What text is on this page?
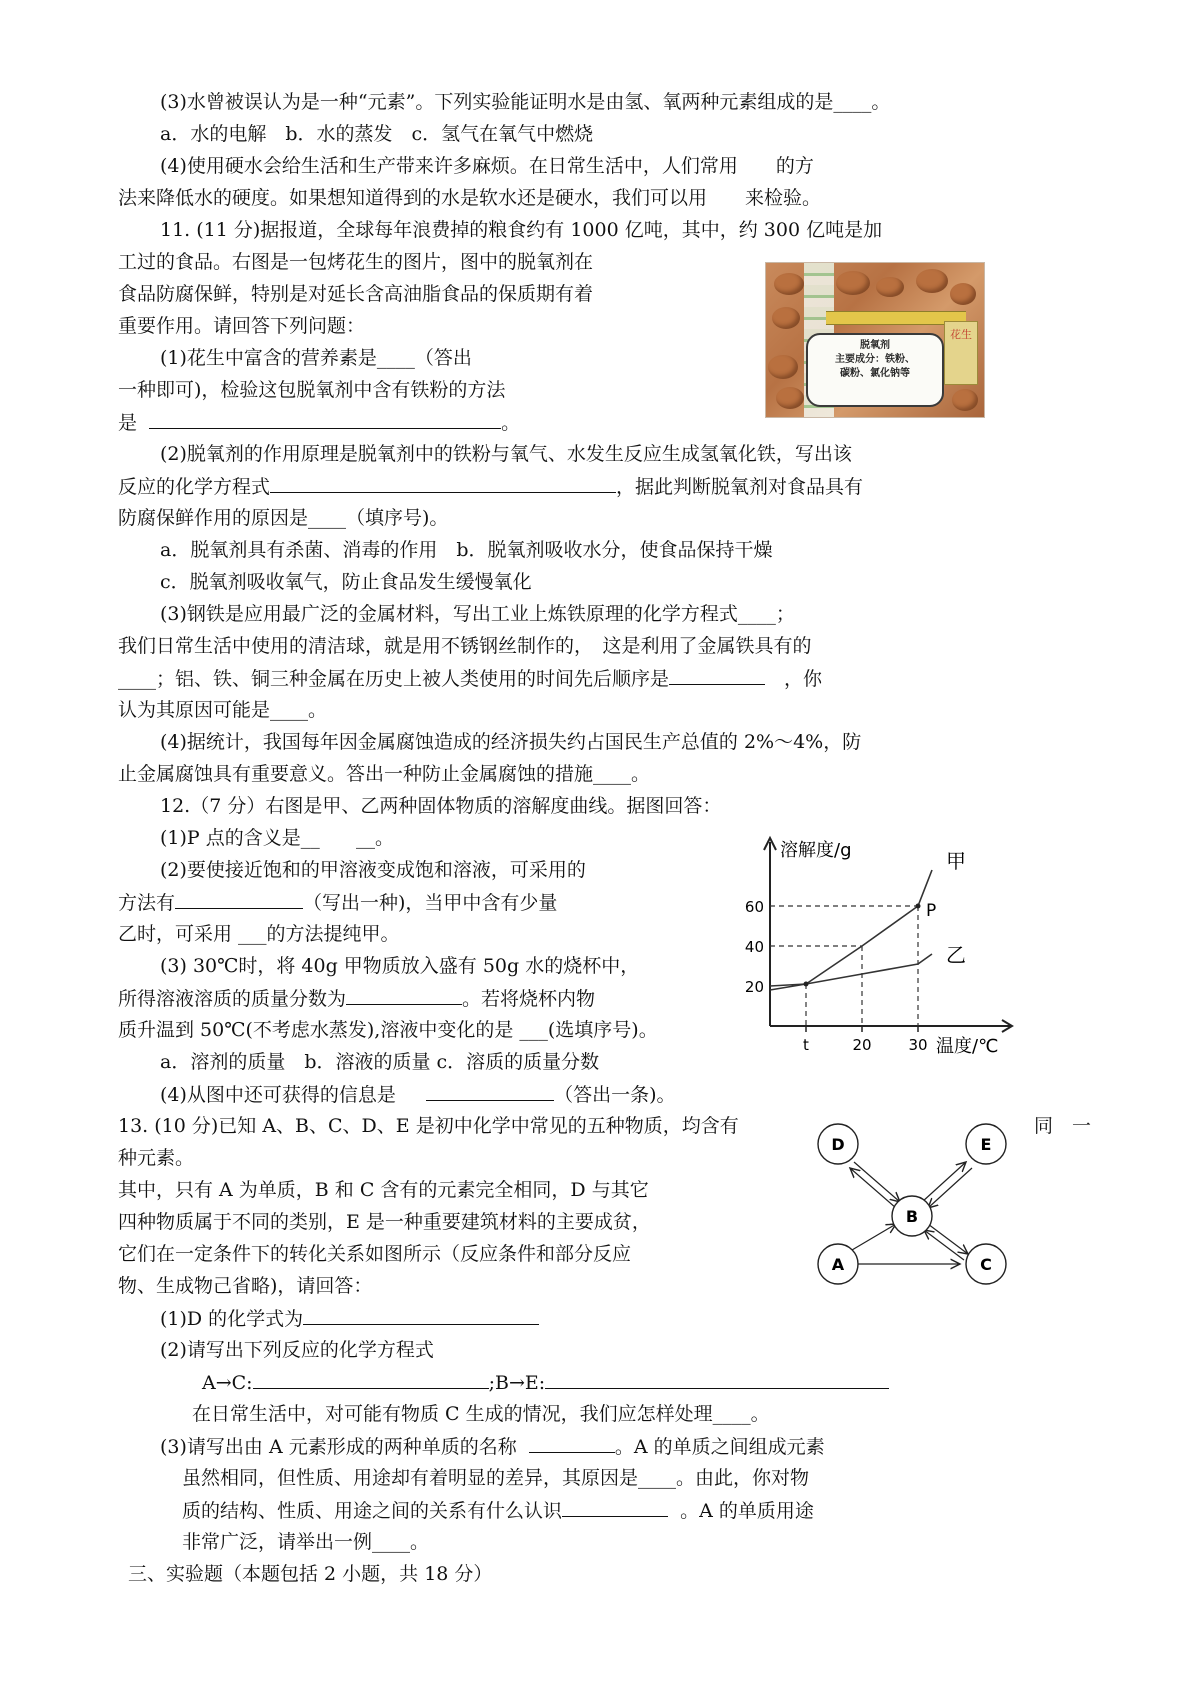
(3)水曾被误认为是一种“元素”。下列实验能证明水是由氢、氧两种元素组成的是____。
a．水的电解　b．水的蒸发　c．氢气在氧气中燃烧
(4)使用硬水会给生活和生产带来许多麻烦。在日常生活中，人们常用　　的方
法来降低水的硬度。如果想知道得到的水是软水还是硬水，我们可以用　　来检验。
11. (11 分)据报道，全球每年浪费掉的粮食约有 1000 亿吨，其中，约 300 亿吨是加
工过的食品。右图是一包烤花生的图片，图中的脱氧剂在
食品防腐保鲜，特别是对延长含高油脂食品的保质期有着
重要作用。请回答下列问题：
(1)花生中富含的营养素是____（答出
一种即可)，检验这包脱氧剂中含有铁粉的方法
是	。
花生
脱氧剂
主要成分：铁粉、
碳粉、氯化钠等
(2)脱氧剂的作用原理是脱氧剂中的铁粉与氧气、水发生反应生成氢氧化铁，写出该
反应的化学方程式	，据此判断脱氧剂对食品具有
防腐保鲜作用的原因是____（填序号)。
a．脱氧剂具有杀菌、消毒的作用　b．脱氧剂吸收水分，使食品保持干燥
c．脱氧剂吸收氧气，防止食品发生缓慢氧化
(3)钢铁是应用最广泛的金属材料，写出工业上炼铁原理的化学方程式____；
我们日常生活中使用的清洁球，就是用不锈钢丝制作的，　这是利用了金属铁具有的
____；铝、铁、铜三种金属在历史上被人类使用的时间先后顺序是	　，你
认为其原因可能是____。
(4)据统计，我国每年因金属腐蚀造成的经济损失约占国民生产总值的 2%～4%，防
止金属腐蚀具有重要意义。答出一种防止金属腐蚀的措施____。
12.（7 分）右图是甲、乙两种固体物质的溶解度曲线。据图回答：
(1)P 点的含义是__ __。
(2)要使接近饱和的甲溶液变成饱和溶液，可采用的
方法有	（写出一种)，当甲中含有少量
乙时，可采用 ___的方法提纯甲。
(3) 30℃时，将 40g 甲物质放入盛有 50g 水的烧杯中，
所得溶液溶质的质量分数为	。若将烧杯内物
质升温到 50℃(不考虑水蒸发),溶液中变化的是 ___(选填序号)。
a．溶剂的质量　b．溶液的质量 c．溶质的质量分数
(4)从图中还可获得的信息是	（答出一条)。
20
40
60
t	20 30
甲
乙
P
溶解度/g
温度/℃
13. (10 分)已知 A、B、C、D、E 是初中化学中常见的五种物质，均含有	同　一
种元素。
其中，只有 A 为单质，B 和 C 含有的元素完全相同，D 与其它
四种物质属于不同的类别，E 是一种重要建筑材料的主要成贫，
它们在一定条件下的转化关系如图所示（反应条件和部分反应
物、生成物己省略)，请回答：
(1)D 的化学式为
(2)请写出下列反应的化学方程式
A→C:	;B→E:
在日常生活中，对可能有物质 C 生成的情况，我们应怎样处理____。
(3)请写出由 A 元素形成的两种单质的名称	。A 的单质之间组成元素
虽然相同，但性质、用途却有着明显的差异，其原因是____。由此，你对物
质的结构、性质、用途之间的关系有什么认识	。A 的单质用途
非常广泛，请举出一例____。
D	E
B
A	C
三、实验题（本题包括 2 小题，共 18 分）
